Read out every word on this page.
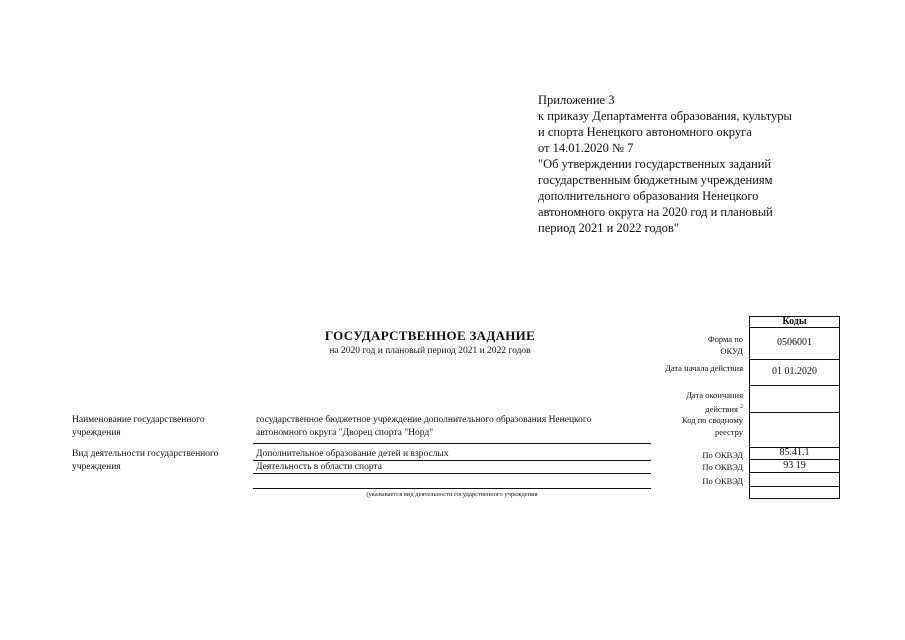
Приложение 3
к приказу Департамента образования, культуры
и спорта Ненецкого автономного округа
от 14.01.2020 № 7
"Об утверждении государственных заданий
государственным бюджетным учреждениям
дополнительного образования Ненецкого
автономного округа на 2020 год и плановый
период 2021 и 2022 годов"
ГОСУДАРСТВЕННОЕ ЗАДАНИЕ
на 2020 год и плановый период 2021 и 2022 годов
Наименование государственного
учреждения
государственное бюджетное учреждение дополнительного образования Ненецкого
автономного округа "Дворец спорта "Норд"
Вид деятельности государственного
учреждения
Дополнительное образование детей и взрослых
Деятельность в области спорта
(указывается вид деятельности государственного учреждения
Форма по
ОКУД
Дата начала действия
Дата окончания
действия $^2$
Код по сводному
реестру
По ОКВЭД
По ОКВЭД
По ОКВЭД
Коды
0506001
01 01.2020
85.41.1
93 19
